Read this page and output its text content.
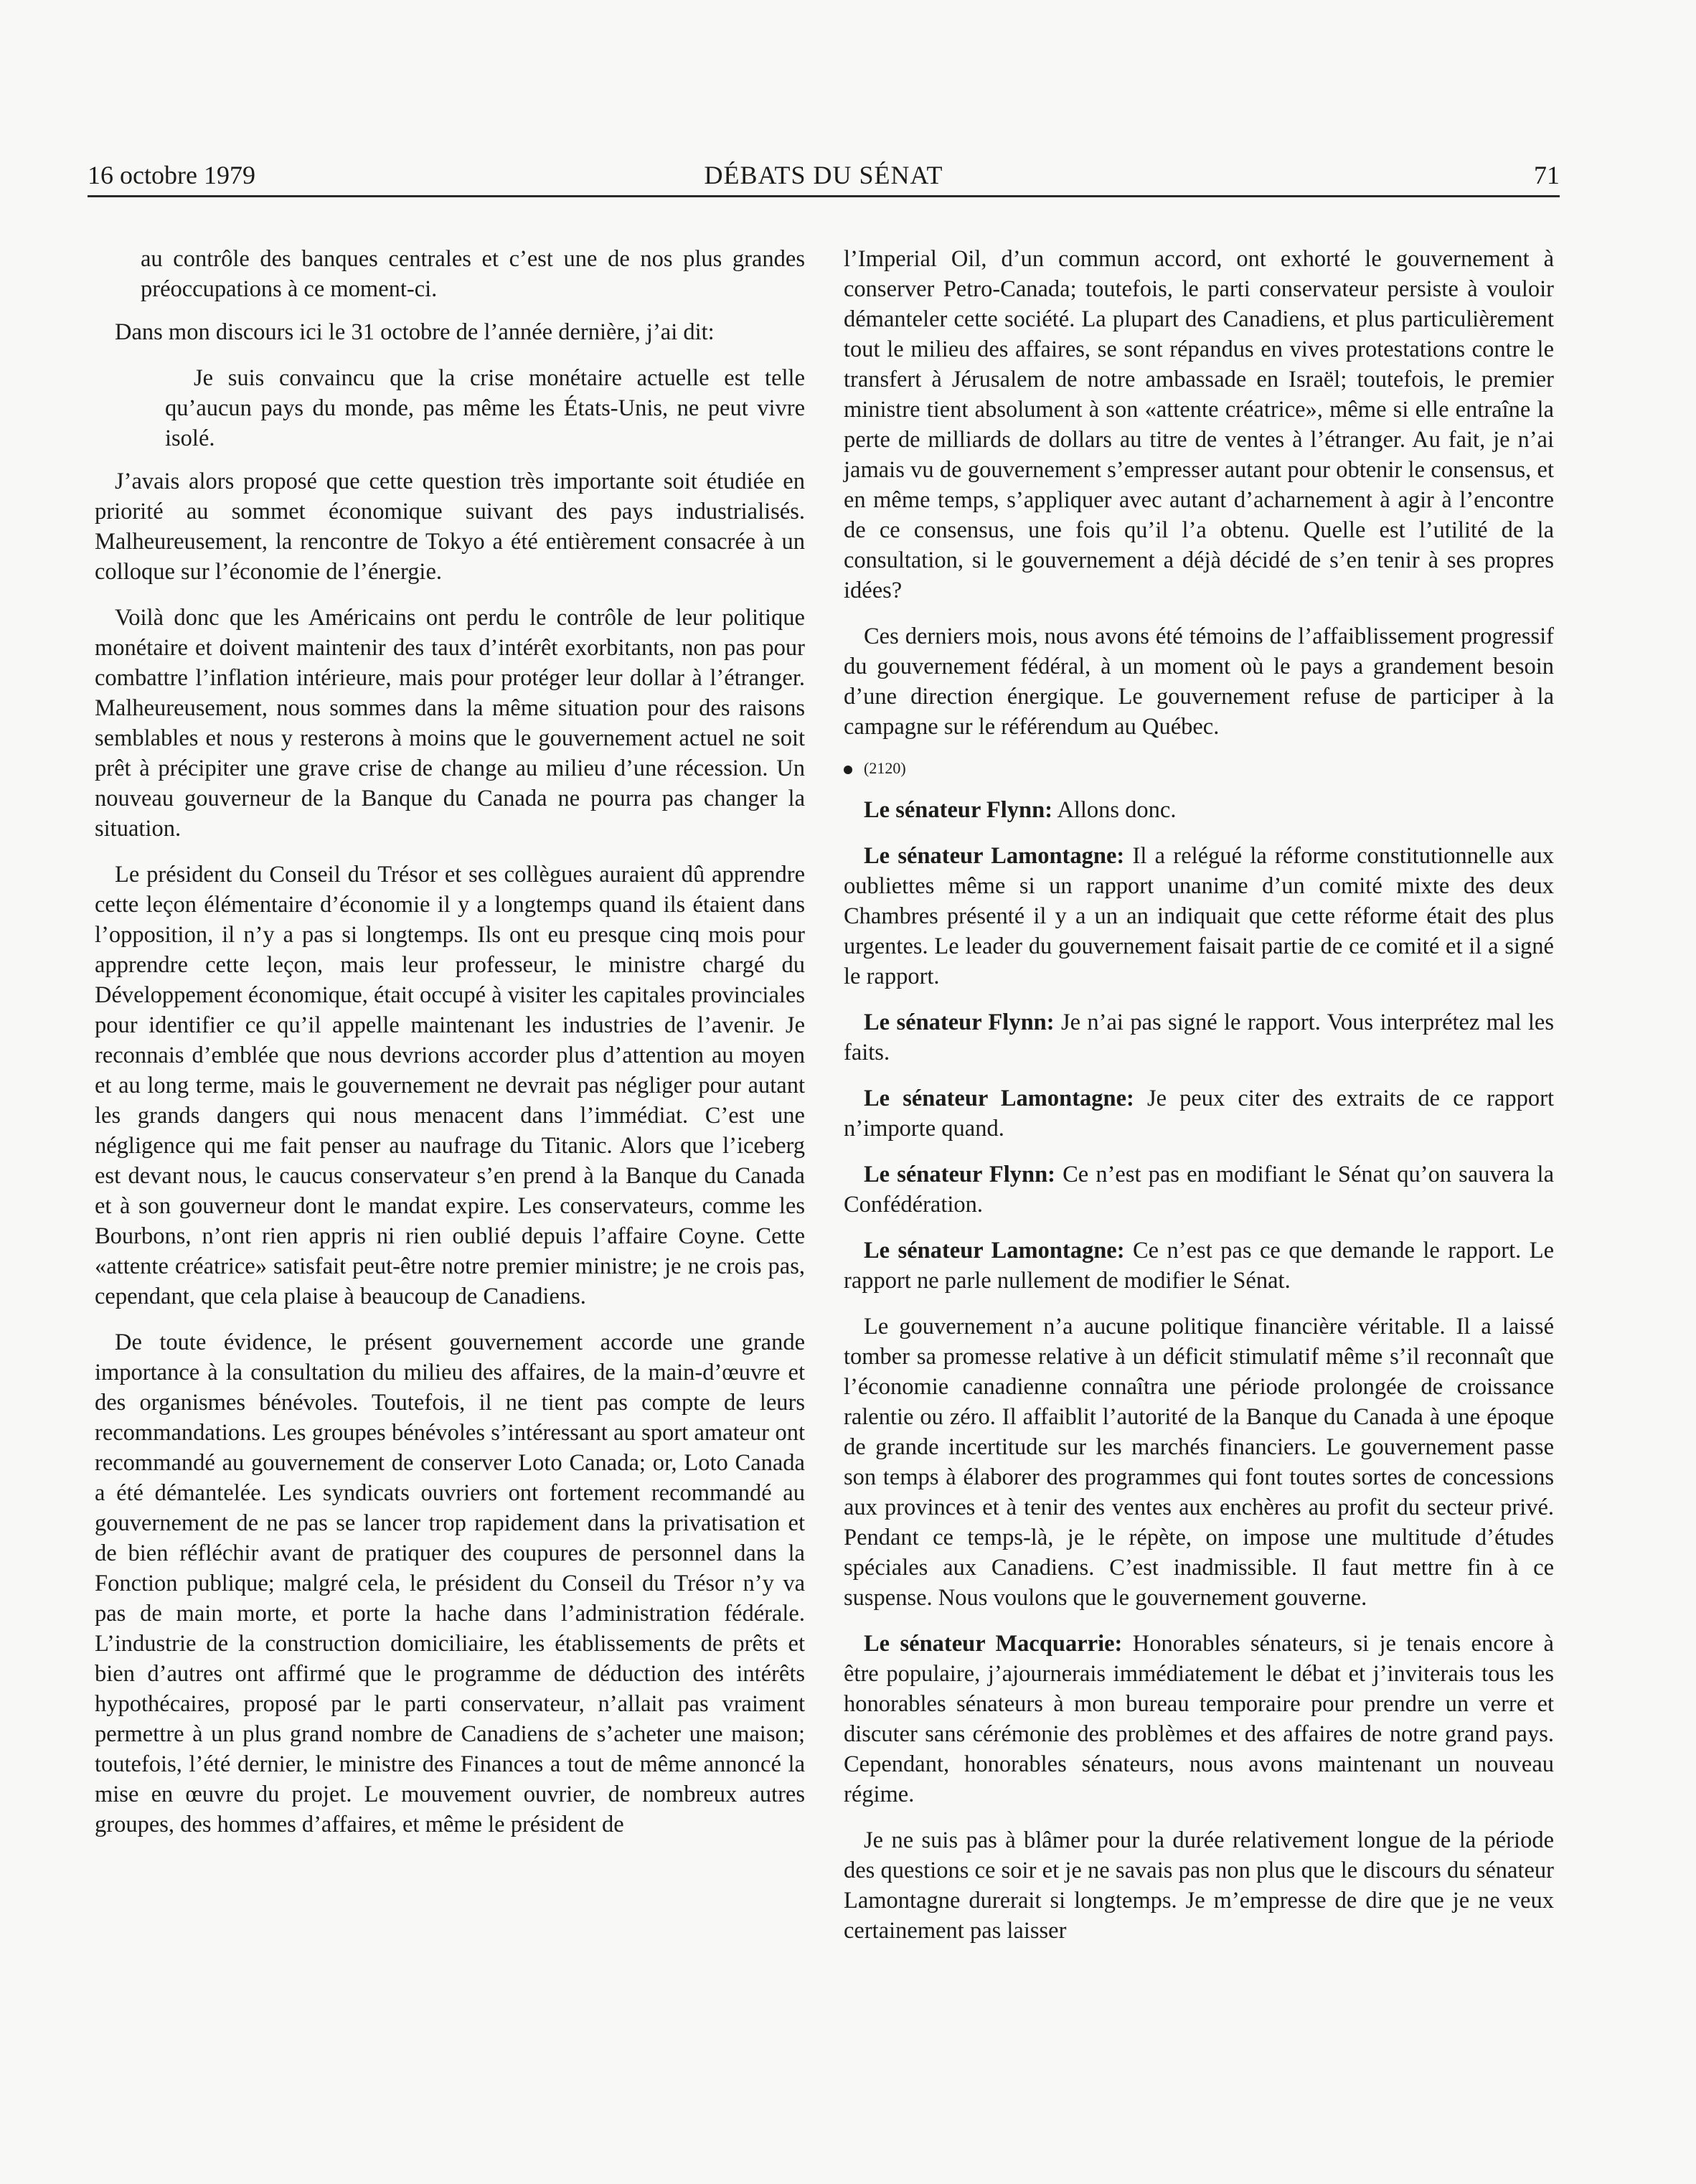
16 octobre 1979	DÉBATS DU SÉNAT	71

au contrôle des banques centrales et c’est une de nos plus grandes préoccupations à ce moment-ci.

Dans mon discours ici le 31 octobre de l’année dernière, j’ai dit:

Je suis convaincu que la crise monétaire actuelle est telle qu’aucun pays du monde, pas même les États-Unis, ne peut vivre isolé.

J’avais alors proposé que cette question très importante soit étudiée en priorité au sommet économique suivant des pays industrialisés. Malheureusement, la rencontre de Tokyo a été entièrement consacrée à un colloque sur l’économie de l’énergie.

Voilà donc que les Américains ont perdu le contrôle de leur politique monétaire et doivent maintenir des taux d’intérêt exorbitants, non pas pour combattre l’inflation intérieure, mais pour protéger leur dollar à l’étranger. Malheureusement, nous sommes dans la même situation pour des raisons semblables et nous y resterons à moins que le gouvernement actuel ne soit prêt à précipiter une grave crise de change au milieu d’une récession. Un nouveau gouverneur de la Banque du Canada ne pourra pas changer la situation.

Le président du Conseil du Trésor et ses collègues auraient dû apprendre cette leçon élémentaire d’économie il y a longtemps quand ils étaient dans l’opposition, il n’y a pas si longtemps. Ils ont eu presque cinq mois pour apprendre cette leçon, mais leur professeur, le ministre chargé du Développement économique, était occupé à visiter les capitales provinciales pour identifier ce qu’il appelle maintenant les industries de l’avenir. Je reconnais d’emblée que nous devrions accorder plus d’attention au moyen et au long terme, mais le gouvernement ne devrait pas négliger pour autant les grands dangers qui nous menacent dans l’immédiat. C’est une négligence qui me fait penser au naufrage du Titanic. Alors que l’iceberg est devant nous, le caucus conservateur s’en prend à la Banque du Canada et à son gouverneur dont le mandat expire. Les conservateurs, comme les Bourbons, n’ont rien appris ni rien oublié depuis l’affaire Coyne. Cette «attente créatrice» satisfait peut-être notre premier ministre; je ne crois pas, cependant, que cela plaise à beaucoup de Canadiens.

De toute évidence, le présent gouvernement accorde une grande importance à la consultation du milieu des affaires, de la main-d’œuvre et des organismes bénévoles. Toutefois, il ne tient pas compte de leurs recommandations. Les groupes bénévoles s’intéressant au sport amateur ont recommandé au gouvernement de conserver Loto Canada; or, Loto Canada a été démantelée. Les syndicats ouvriers ont fortement recommandé au gouvernement de ne pas se lancer trop rapidement dans la privatisation et de bien réfléchir avant de pratiquer des coupures de personnel dans la Fonction publique; malgré cela, le président du Conseil du Trésor n’y va pas de main morte, et porte la hache dans l’administration fédérale. L’industrie de la construction domiciliaire, les établissements de prêts et bien d’autres ont affirmé que le programme de déduction des intérêts hypothécaires, proposé par le parti conservateur, n’allait pas vraiment permettre à un plus grand nombre de Canadiens de s’acheter une maison; toutefois, l’été dernier, le ministre des Finances a tout de même annoncé la mise en œuvre du projet. Le mouvement ouvrier, de nombreux autres groupes, des hommes d’affaires, et même le président de

l’Imperial Oil, d’un commun accord, ont exhorté le gouvernement à conserver Petro-Canada; toutefois, le parti conservateur persiste à vouloir démanteler cette société. La plupart des Canadiens, et plus particulièrement tout le milieu des affaires, se sont répandus en vives protestations contre le transfert à Jérusalem de notre ambassade en Israël; toutefois, le premier ministre tient absolument à son «attente créatrice», même si elle entraîne la perte de milliards de dollars au titre de ventes à l’étranger. Au fait, je n’ai jamais vu de gouvernement s’empresser autant pour obtenir le consensus, et en même temps, s’appliquer avec autant d’acharnement à agir à l’encontre de ce consensus, une fois qu’il l’a obtenu. Quelle est l’utilité de la consultation, si le gouvernement a déjà décidé de s’en tenir à ses propres idées?

Ces derniers mois, nous avons été témoins de l’affaiblissement progressif du gouvernement fédéral, à un moment où le pays a grandement besoin d’une direction énergique. Le gouvernement refuse de participer à la campagne sur le référendum au Québec.

(2120)

Le sénateur Flynn: Allons donc.

Le sénateur Lamontagne: Il a relégué la réforme constitutionnelle aux oubliettes même si un rapport unanime d’un comité mixte des deux Chambres présenté il y a un an indiquait que cette réforme était des plus urgentes. Le leader du gouvernement faisait partie de ce comité et il a signé le rapport.

Le sénateur Flynn: Je n’ai pas signé le rapport. Vous interprétez mal les faits.

Le sénateur Lamontagne: Je peux citer des extraits de ce rapport n’importe quand.

Le sénateur Flynn: Ce n’est pas en modifiant le Sénat qu’on sauvera la Confédération.

Le sénateur Lamontagne: Ce n’est pas ce que demande le rapport. Le rapport ne parle nullement de modifier le Sénat.

Le gouvernement n’a aucune politique financière véritable. Il a laissé tomber sa promesse relative à un déficit stimulatif même s’il reconnaît que l’économie canadienne connaîtra une période prolongée de croissance ralentie ou zéro. Il affaiblit l’autorité de la Banque du Canada à une époque de grande incertitude sur les marchés financiers. Le gouvernement passe son temps à élaborer des programmes qui font toutes sortes de concessions aux provinces et à tenir des ventes aux enchères au profit du secteur privé. Pendant ce temps-là, je le répète, on impose une multitude d’études spéciales aux Canadiens. C’est inadmissible. Il faut mettre fin à ce suspense. Nous voulons que le gouvernement gouverne.

Le sénateur Macquarrie: Honorables sénateurs, si je tenais encore à être populaire, j’ajournerais immédiatement le débat et j’inviterais tous les honorables sénateurs à mon bureau temporaire pour prendre un verre et discuter sans cérémonie des problèmes et des affaires de notre grand pays. Cependant, honorables sénateurs, nous avons maintenant un nouveau régime.

Je ne suis pas à blâmer pour la durée relativement longue de la période des questions ce soir et je ne savais pas non plus que le discours du sénateur Lamontagne durerait si longtemps. Je m’empresse de dire que je ne veux certainement pas laisser
